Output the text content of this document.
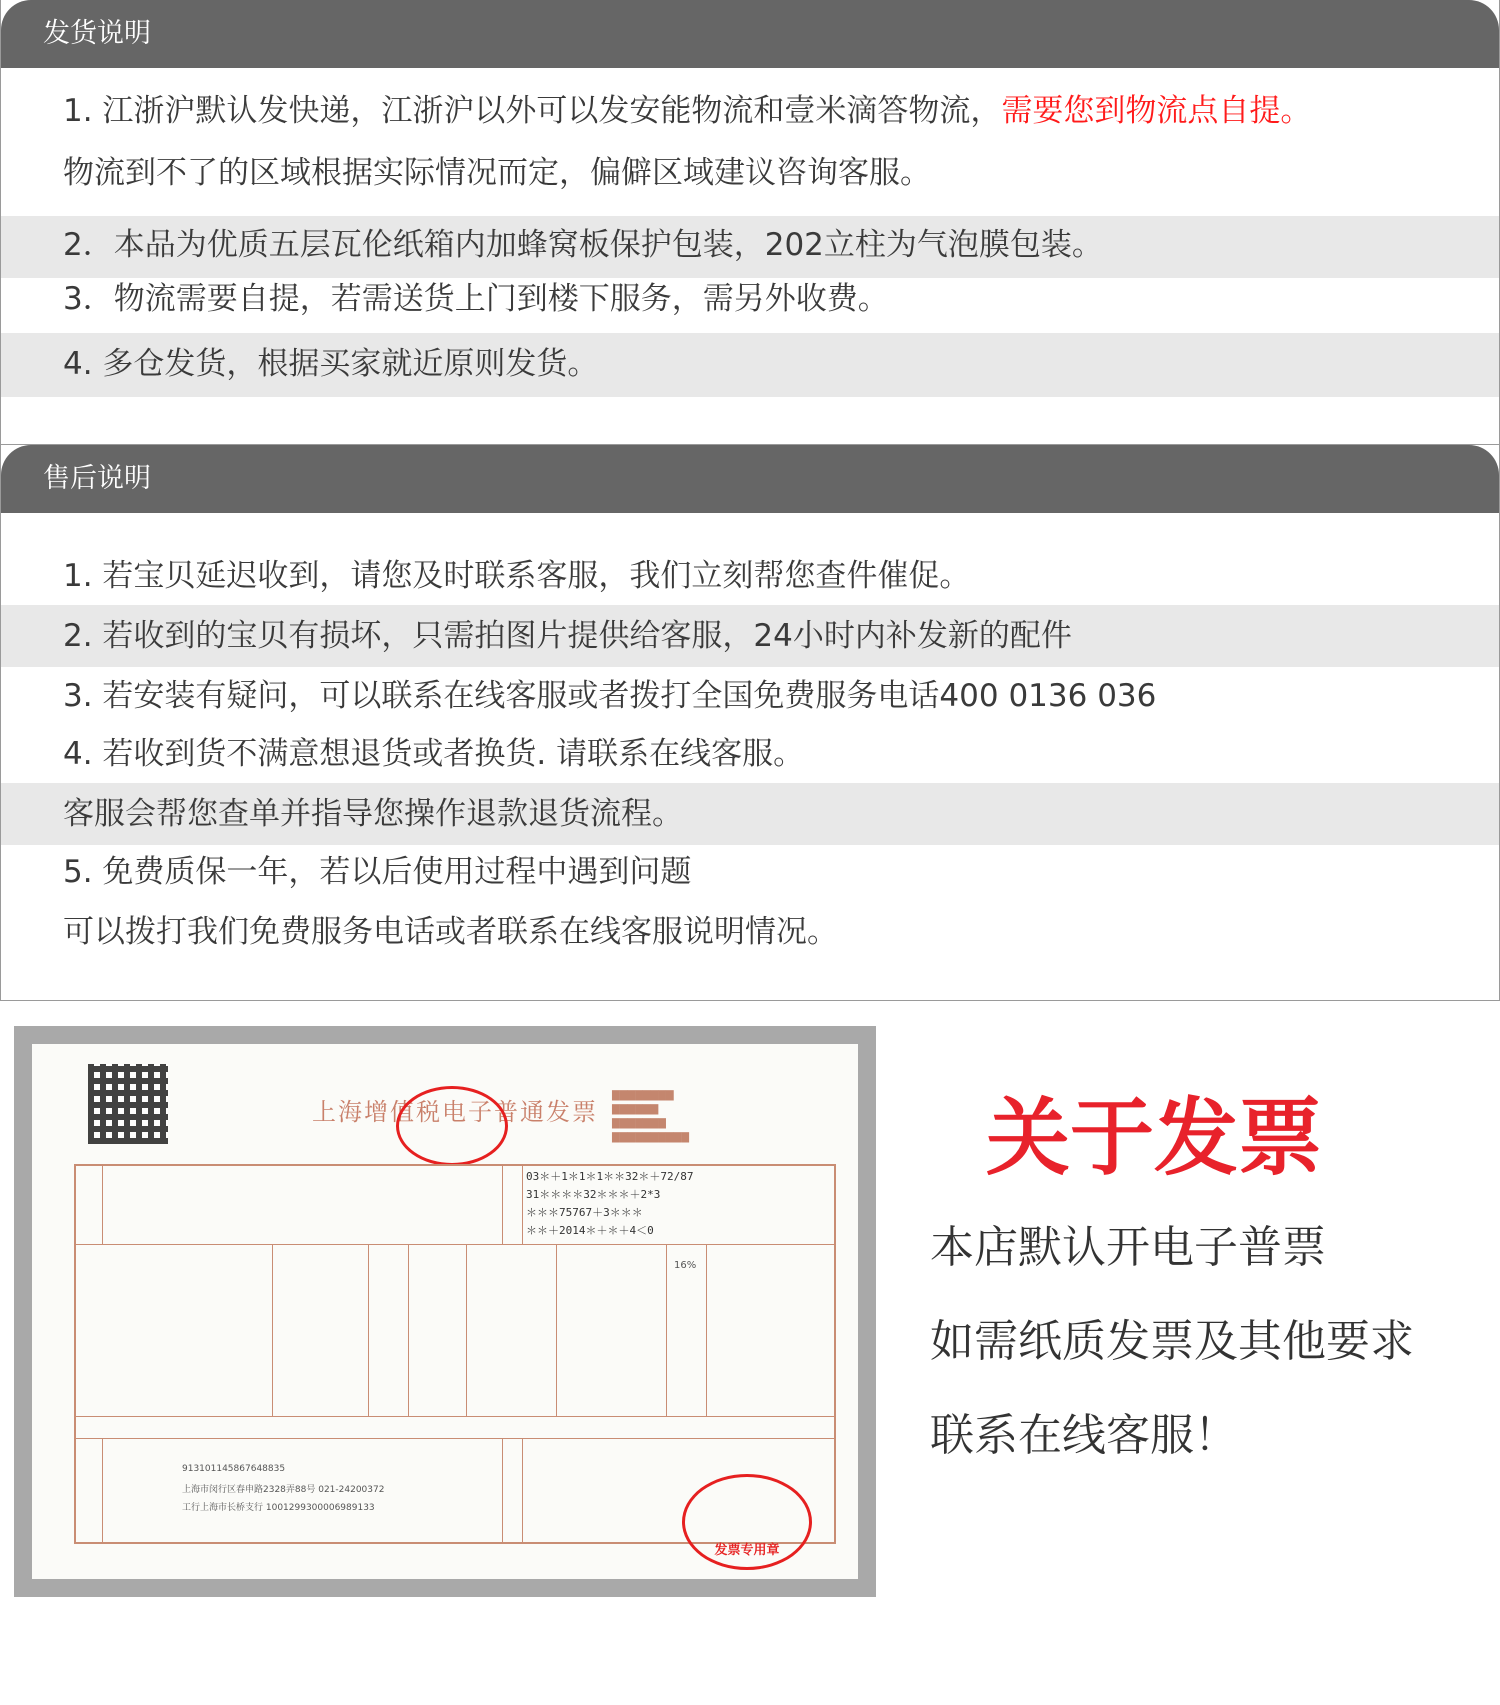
发货说明
1. 江浙沪默认发快递，江浙沪以外可以发安能物流和壹米滴答物流，需要您到物流点自提。
物流到不了的区域根据实际情况而定，偏僻区域建议咨询客服。
2．本品为优质五层瓦伦纸箱内加蜂窝板保护包装，202立柱为气泡膜包装。
3．物流需要自提，若需送货上门到楼下服务，需另外收费。
4. 多仓发货，根据买家就近原则发货。
售后说明
1. 若宝贝延迟收到，请您及时联系客服，我们立刻帮您查件催促。
2. 若收到的宝贝有损坏，只需拍图片提供给客服，24小时内补发新的配件
3. 若安装有疑问，可以联系在线客服或者拨打全国免费服务电话400 0136 036
4. 若收到货不满意想退货或者换货. 请联系在线客服。
客服会帮您查单并指导您操作退款退货流程。
5. 免费质保一年，若以后使用过程中遇到问题
可以拨打我们免费服务电话或者联系在线客服说明情况。
上海增值税电子普通发票
▇▇▇▇▇▇▇▇
▇▇▇▇▇▇
▇▇▇▇▇▇▇
▇▇▇▇▇▇▇▇▇▇
03＊＋1＊1＊1＊＊32＊＋72/87
31＊＊＊＊32＊＊＊＋2*3
＊＊＊75767＋3＊＊＊
＊＊＋2014＊＋＊＋4＜0
16%
913101145867648835
上海市闵行区春申路2328弄88号 021-24200372
工行上海市长桥支行 1001299300006989133
发票专用章
关于发票
本店默认开电子普票
如需纸质发票及其他要求
联系在线客服！
